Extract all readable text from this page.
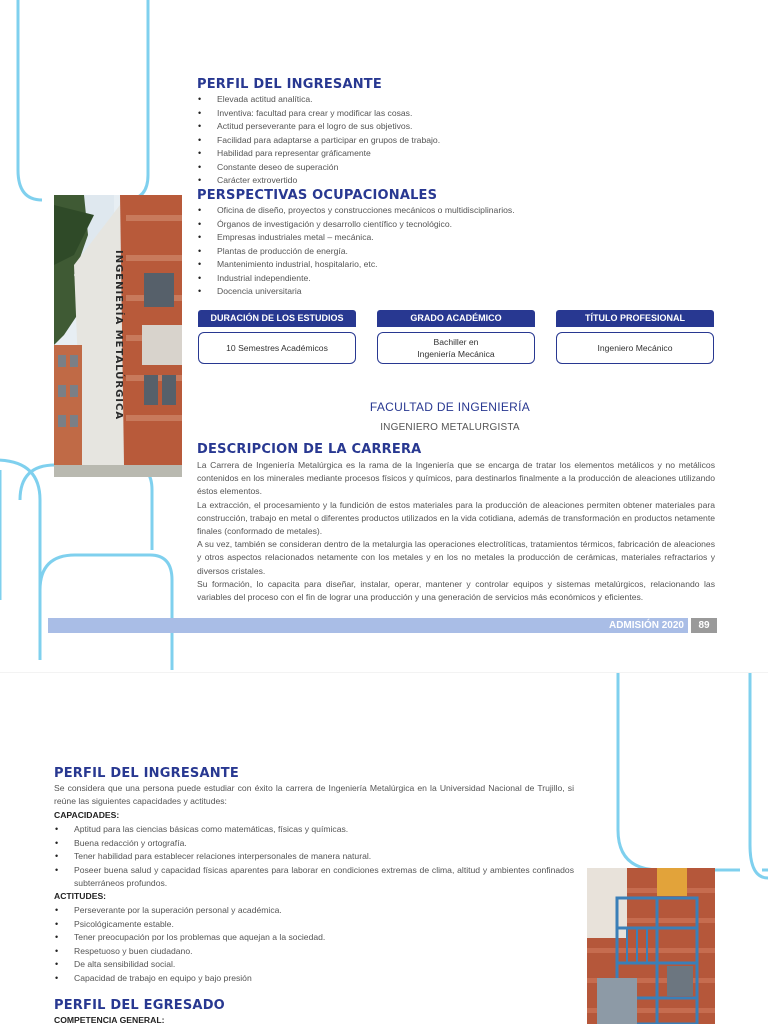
PERFIL DEL INGRESANTE
• Elevada actitud analítica.
• Inventiva: facultad para crear y modificar las cosas.
• Actitud perseverante para el logro de sus objetivos.
• Facilidad para adaptarse a participar en grupos de trabajo.
• Habilidad para representar gráficamente
• Constante deseo de superación
• Carácter extrovertido
PERSPECTIVAS OCUPACIONALES
• Oficina de diseño, proyectos y construcciones mecánicos o multidisciplinarios.
• Órganos de investigación y desarrollo científico y tecnológico.
• Empresas industriales metal – mecánica.
• Plantas de producción de energía.
• Mantenimiento industrial, hospitalario, etc.
• Industrial independiente.
• Docencia universitaria
INGENIERÍA METALÚRGICA	DURACIÓN DE LOS ESTUDIOS
10 Semestres Académicos
GRADO ACADÉMICO
Bachiller en
Ingeniería Mecánica
TÍTULO PROFESIONAL
Ingeniero Mecánico
FACULTAD DE INGENIERÍA
INGENIERO METALURGISTA
DESCRIPCION DE LA CARRERA

La Carrera de Ingeniería Metalúrgica es la rama de la Ingeniería que se encarga de tratar los elementos metálicos y no metálicos contenidos en los minerales mediante procesos físicos y químicos, para destinarlos finalmente a la producción de aleaciones utilizando éstos elementos.

La extracción, el procesamiento y la fundición de estos materiales para la producción de aleaciones permiten obtener materiales para construcción, trabajo en metal o diferentes productos utilizados en la vida cotidiana, además de transformación en productos netamente finales (conformado de metales).

A su vez, también se consideran dentro de la metalurgia las operaciones electrolíticas, tratamientos térmicos, fabricación de aleaciones y otros aspectos relacionados netamente con los metales y en los no metales la producción de cerámicas, materiales refractarios y diversos cristales.

Su formación, lo capacita para diseñar, instalar, operar, mantener y controlar equipos y sistemas metalúrgicos, relacionando las variables del proceso con el fin de lograr una producción y una generación de servicios más económicos y eficientes.

ADMISIÓN 2020	89
PERFIL DEL INGRESANTE

Se considera que una persona puede estudiar con éxito la carrera de Ingeniería Metalúrgica en la Universidad Nacional de Trujillo, si reúne las siguientes capacidades y actitudes:

CAPACIDADES:

• Aptitud para las ciencias básicas como matemáticas, físicas y químicas.
• Buena redacción y ortografía.
• Tener habilidad para establecer relaciones interpersonales de manera natural.
• Poseer buena salud y capacidad físicas aparentes para laborar en condiciones extremas de clima, altitud y ambientes confinados subterráneos profundos.

ACTITUDES:

• Perseverante por la superación personal y académica.
• Psicológicamente estable.
• Tener preocupación por los problemas que aquejan a la sociedad.
• Respetuoso y buen ciudadano.
• De alta sensibilidad social.
• Capacidad de trabajo en equipo y bajo presión
PERFIL DEL EGRESADO

COMPETENCIA GENERAL:
